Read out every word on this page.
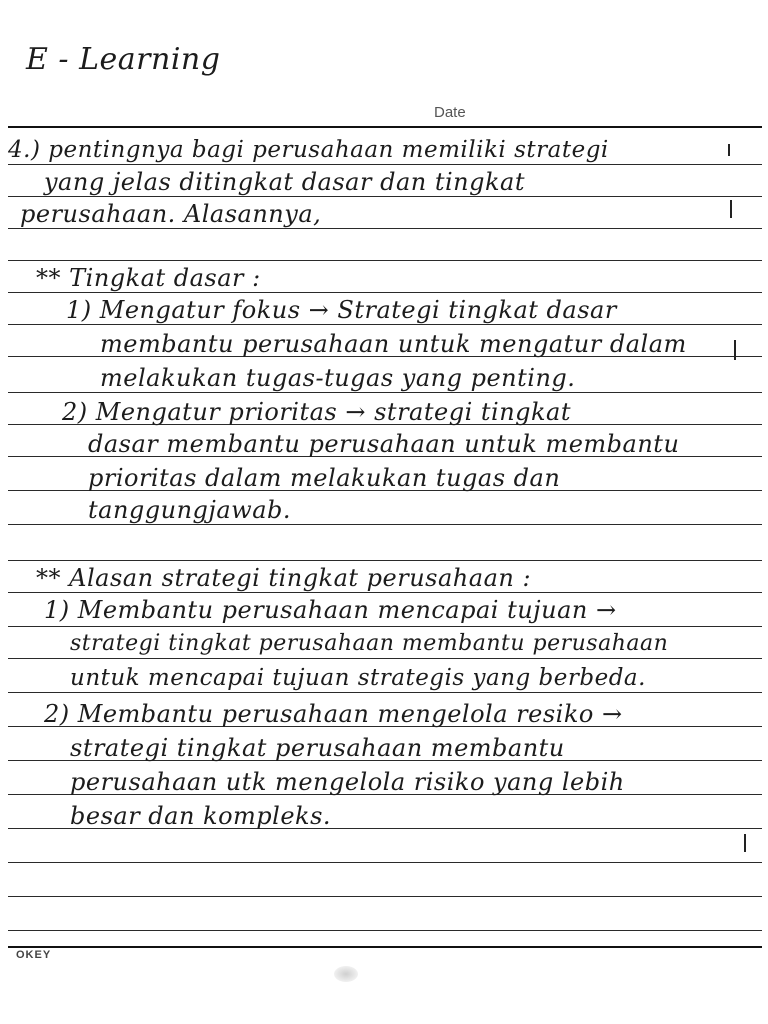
E - Learning
Date
4.) pentingnya bagi perusahaan memiliki strategi
yang jelas ditingkat dasar dan tingkat
perusahaan. Alasannya,
** Tingkat dasar :
1) Mengatur fokus → Strategi tingkat dasar
membantu perusahaan untuk mengatur dalam
melakukan tugas-tugas yang penting.
2) Mengatur prioritas → strategi tingkat
dasar membantu perusahaan untuk membantu
prioritas dalam melakukan tugas dan
tanggungjawab.
** Alasan strategi tingkat perusahaan :
1) Membantu perusahaan mencapai tujuan →
strategi tingkat perusahaan membantu perusahaan
untuk mencapai tujuan strategis yang berbeda.
2) Membantu perusahaan mengelola resiko →
strategi tingkat perusahaan membantu
perusahaan utk mengelola risiko yang lebih
besar dan kompleks.
OKEY
